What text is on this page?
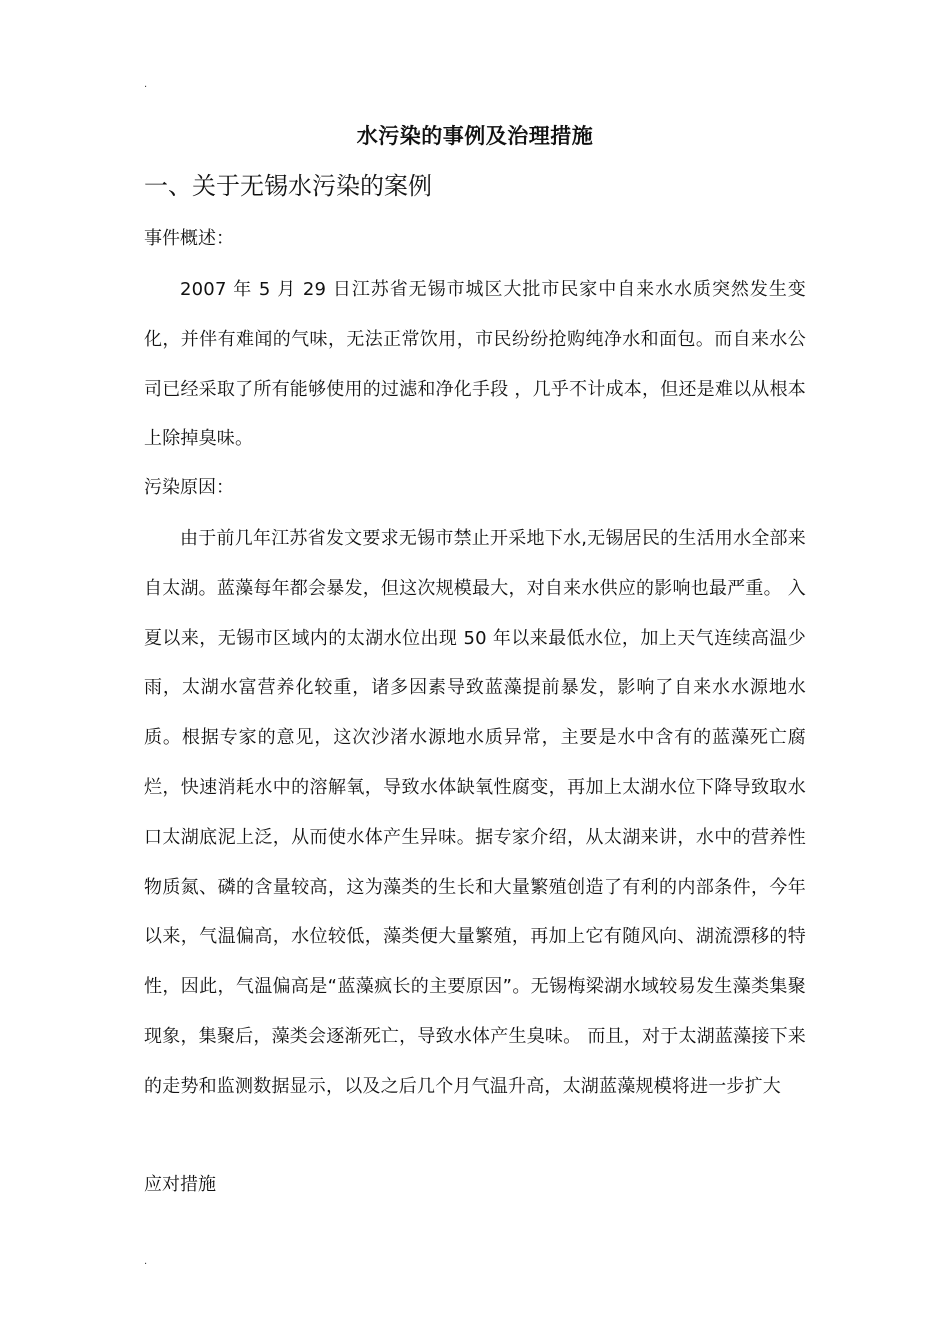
.
水污染的事例及治理措施
一、关于无锡水污染的案例
事件概述：

2007 年 5 月 29 日江苏省无锡市城区大批市民家中自来水水质突然发生变化，并伴有难闻的气味，无法正常饮用，市民纷纷抢购纯净水和面包。而自来水公司已经采取了所有能够使用的过滤和净化手段 ，几乎不计成本，但还是难以从根本上除掉臭味。

污染原因：

由于前几年江苏省发文要求无锡市禁止开采地下水,无锡居民的生活用水全部来自太湖。蓝藻每年都会暴发，但这次规模最大，对自来水供应的影响也最严重。 入夏以来，无锡市区域内的太湖水位出现 50 年以来最低水位，加上天气连续高温少雨，太湖水富营养化较重，诸多因素导致蓝藻提前暴发，影响了自来水水源地水质。根据专家的意见，这次沙渚水源地水质异常，主要是水中含有的蓝藻死亡腐烂，快速消耗水中的溶解氧，导致水体缺氧性腐变，再加上太湖水位下降导致取水口太湖底泥上泛，从而使水体产生异味。据专家介绍，从太湖来讲，水中的营养性物质氮、磷的含量较高，这为藻类的生长和大量繁殖创造了有利的内部条件，今年以来，气温偏高，水位较低，藻类便大量繁殖，再加上它有随风向、湖流漂移的特性，因此，气温偏高是“蓝藻疯长的主要原因”。无锡梅梁湖水域较易发生藻类集聚现象，集聚后，藻类会逐渐死亡，导致水体产生臭味。 而且，对于太湖蓝藻接下来的走势和监测数据显示，以及之后几个月气温升高，太湖蓝藻规模将进一步扩大

应对措施
.
